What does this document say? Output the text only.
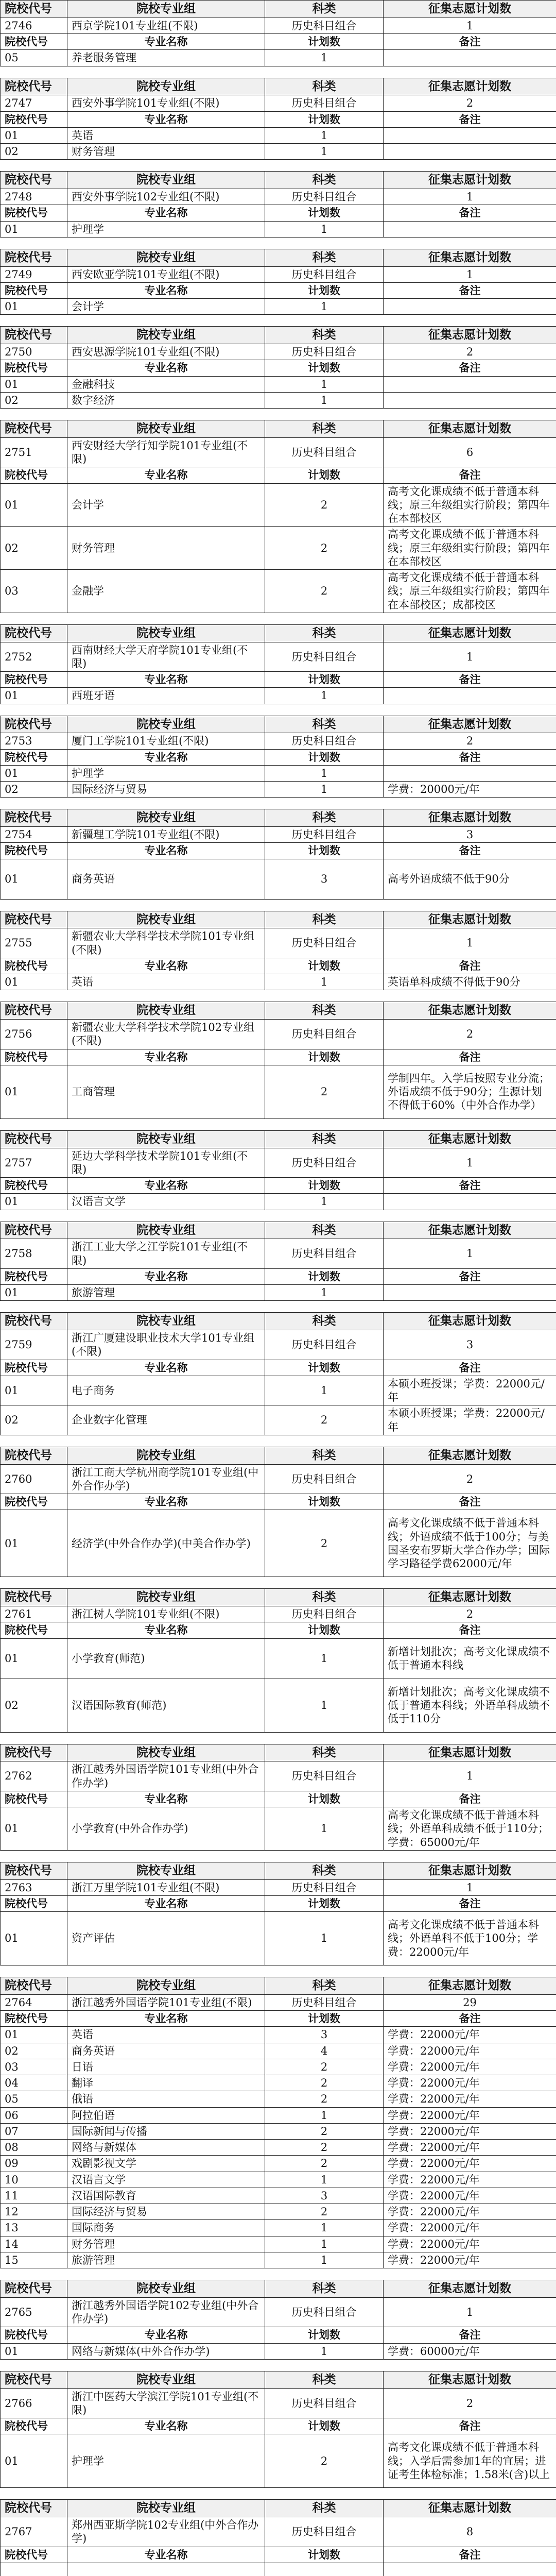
院校代号	院校专业组	科类	征集志愿计划数
2746	西京学院101专业组(不限)	历史科目组合	1
院校代号	专业名称	计划数	备注
05	养老服务管理	1	
院校代号	院校专业组	科类	征集志愿计划数
2747	西安外事学院101专业组(不限)	历史科目组合	2
院校代号	专业名称	计划数	备注
01	英语	1	
02	财务管理	1	
院校代号	院校专业组	科类	征集志愿计划数
2748	西安外事学院102专业组(不限)	历史科目组合	1
院校代号	专业名称	计划数	备注
01	护理学	1	
院校代号	院校专业组	科类	征集志愿计划数
2749	西安欧亚学院101专业组(不限)	历史科目组合	1
院校代号	专业名称	计划数	备注
01	会计学	1	
院校代号	院校专业组	科类	征集志愿计划数
2750	西安思源学院101专业组(不限)	历史科目组合	2
院校代号	专业名称	计划数	备注
01	金融科技	1	
02	数字经济	1	
院校代号	院校专业组	科类	征集志愿计划数
2751	西安财经大学行知学院101专业组(不限)	历史科目组合	6
院校代号	专业名称	计划数	备注
01	会计学	2	高考文化课成绩不低于普通本科线；原三年级组实行阶段；第四年在本部校区
02	财务管理	2	高考文化课成绩不低于普通本科线；原三年级组实行阶段；第四年在本部校区
03	金融学	2	高考文化课成绩不低于普通本科线；原三年级组实行阶段；第四年在本部校区；成都校区
院校代号	院校专业组	科类	征集志愿计划数
2752	西南财经大学天府学院101专业组(不限)	历史科目组合	1
院校代号	专业名称	计划数	备注
01	西班牙语	1	
院校代号	院校专业组	科类	征集志愿计划数
2753	厦门工学院101专业组(不限)	历史科目组合	2
院校代号	专业名称	计划数	备注
01	护理学	1	
02	国际经济与贸易	1	学费：20000元/年
院校代号	院校专业组	科类	征集志愿计划数
2754	新疆理工学院101专业组(不限)	历史科目组合	3
院校代号	专业名称	计划数	备注
01	商务英语	3	高考外语成绩不低于90分
院校代号	院校专业组	科类	征集志愿计划数
2755	新疆农业大学科学技术学院101专业组(不限)	历史科目组合	1
院校代号	专业名称	计划数	备注
01	英语	1	英语单科成绩不得低于90分
院校代号	院校专业组	科类	征集志愿计划数
2756	新疆农业大学科学技术学院102专业组(不限)	历史科目组合	2
院校代号	专业名称	计划数	备注
01	工商管理	2	学制四年。入学后按照专业分流；外语成绩不低于90分；生源计划不得低于60%（中外合作办学）
院校代号	院校专业组	科类	征集志愿计划数
2757	延边大学科学技术学院101专业组(不限)	历史科目组合	1
院校代号	专业名称	计划数	备注
01	汉语言文学	1	
院校代号	院校专业组	科类	征集志愿计划数
2758	浙江工业大学之江学院101专业组(不限)	历史科目组合	1
院校代号	专业名称	计划数	备注
01	旅游管理	1	
院校代号	院校专业组	科类	征集志愿计划数
2759	浙江广厦建设职业技术大学101专业组(不限)	历史科目组合	3
院校代号	专业名称	计划数	备注
01	电子商务	1	本硕小班授课；学费：22000元/年
02	企业数字化管理	2	本硕小班授课；学费：22000元/年
院校代号	院校专业组	科类	征集志愿计划数
2760	浙江工商大学杭州商学院101专业组(中外合作办学)	历史科目组合	2
院校代号	专业名称	计划数	备注
01	经济学(中外合作办学)(中美合作办学)	2	高考文化课成绩不低于普通本科线；外语成绩不低于100分；与美国圣安布罗斯大学合作办学；国际学习路径学费62000元/年
院校代号	院校专业组	科类	征集志愿计划数
2761	浙江树人学院101专业组(不限)	历史科目组合	2
院校代号	专业名称	计划数	备注
01	小学教育(师范)	1	新增计划批次；高考文化课成绩不低于普通本科线
02	汉语国际教育(师范)	1	新增计划批次；高考文化课成绩不低于普通本科线；外语单科成绩不低于110分
院校代号	院校专业组	科类	征集志愿计划数
2762	浙江越秀外国语学院101专业组(中外合作办学)	历史科目组合	1
院校代号	专业名称	计划数	备注
01	小学教育(中外合作办学)	1	高考文化课成绩不低于普通本科线；外语单科成绩不低于110分；学费：65000元/年
院校代号	院校专业组	科类	征集志愿计划数
2763	浙江万里学院101专业组(不限)	历史科目组合	1
院校代号	专业名称	计划数	备注
01	资产评估	1	高考文化课成绩不低于普通本科线；外语单科不低于100分；学费：22000元/年
院校代号	院校专业组	科类	征集志愿计划数
2764	浙江越秀外国语学院101专业组(不限)	历史科目组合	29
院校代号	专业名称	计划数	备注
01	英语	3	学费：22000元/年
02	商务英语	4	学费：22000元/年
03	日语	2	学费：22000元/年
04	翻译	2	学费：22000元/年
05	俄语	2	学费：22000元/年
06	阿拉伯语	1	学费：22000元/年
07	国际新闻与传播	2	学费：22000元/年
08	网络与新媒体	2	学费：22000元/年
09	戏剧影视文学	2	学费：22000元/年
10	汉语言文学	1	学费：22000元/年
11	汉语国际教育	3	学费：22000元/年
12	国际经济与贸易	2	学费：22000元/年
13	国际商务	1	学费：22000元/年
14	财务管理	1	学费：22000元/年
15	旅游管理	1	学费：22000元/年
院校代号	院校专业组	科类	征集志愿计划数
2765	浙江越秀外国语学院102专业组(中外合作办学)	历史科目组合	1
院校代号	专业名称	计划数	备注
01	网络与新媒体(中外合作办学)	1	学费：60000元/年
院校代号	院校专业组	科类	征集志愿计划数
2766	浙江中医药大学滨江学院101专业组(不限)	历史科目组合	2
院校代号	专业名称	计划数	备注
01	护理学	2	高考文化课成绩不低于普通本科线；入学后需参加1年的宜居；进证考生体检标准；1.58米(含)以上
院校代号	院校专业组	科类	征集志愿计划数
2767	郑州西亚斯学院102专业组(中外合作办学)	历史科目组合	8
院校代号	专业名称	计划数	备注
